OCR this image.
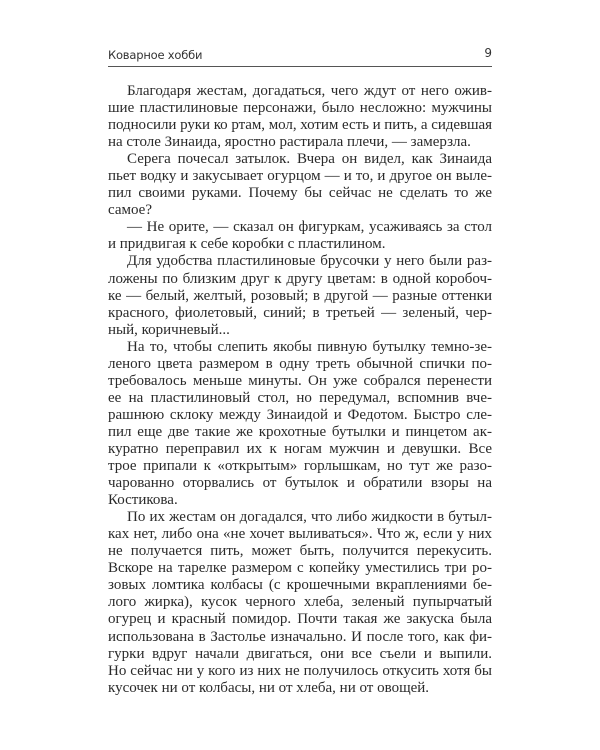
Коварное хобби	9
Благодаря жестам, догадаться, чего ждут от него ожив-
шие пластилиновые персонажи, было несложно: мужчины
подносили руки ко ртам, мол, хотим есть и пить, а сидевшая
на столе Зинаида, яростно растирала плечи, — замерзла.
Серега почесал затылок. Вчера он видел, как Зинаида
пьет водку и закусывает огурцом — и то, и другое он выле-
пил своими руками. Почему бы сейчас не сделать то же
самое?
— Не орите, — сказал он фигуркам, усаживаясь за стол
и придвигая к себе коробки с пластилином.
Для удобства пластилиновые брусочки у него были раз-
ложены по близким друг к другу цветам: в одной коробоч-
ке — белый, желтый, розовый; в другой — разные оттенки
красного, фиолетовый, синий; в третьей — зеленый, чер-
ный, коричневый...
На то, чтобы слепить якобы пивную бутылку темно-зе-
леного цвета размером в одну треть обычной спички по-
требовалось меньше минуты. Он уже собрался перенести
ее на пластилиновый стол, но передумал, вспомнив вче-
рашнюю склоку между Зинаидой и Федотом. Быстро сле-
пил еще две такие же крохотные бутылки и пинцетом ак-
куратно переправил их к ногам мужчин и девушки. Все
трое припали к «открытым» горлышкам, но тут же разо-
чарованно оторвались от бутылок и обратили взоры на
Костикова.
По их жестам он догадался, что либо жидкости в бутыл-
ках нет, либо она «не хочет выливаться». Что ж, если у них
не получается пить, может быть, получится перекусить.
Вскоре на тарелке размером с копейку уместились три ро-
зовых ломтика колбасы (с крошечными вкраплениями бе-
лого жирка), кусок черного хлеба, зеленый пупырчатый
огурец и красный помидор. Почти такая же закуска была
использована в Застолье изначально. И после того, как фи-
гурки вдруг начали двигаться, они все съели и выпили.
Но сейчас ни у кого из них не получилось откусить хотя бы
кусочек ни от колбасы, ни от хлеба, ни от овощей.
